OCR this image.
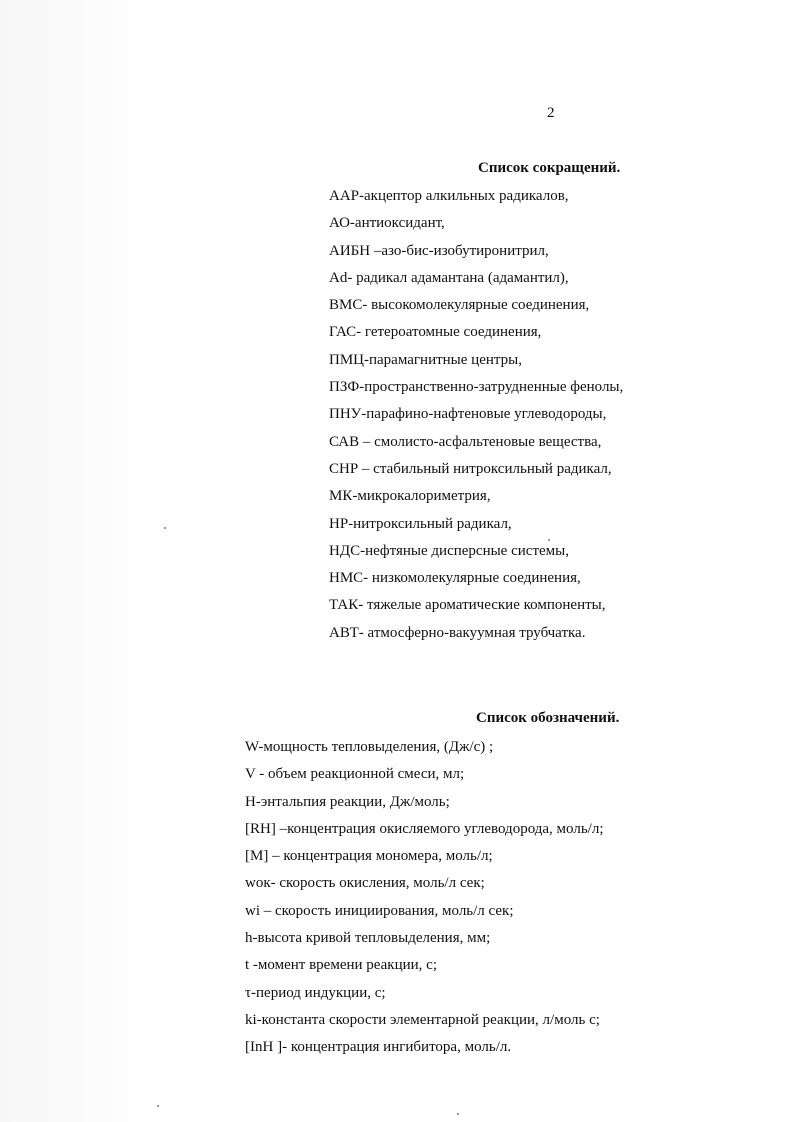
2
Список сокращений.
ААР-акцептор алкильных радикалов,
АО-антиоксидант,
АИБН –азо-бис-изобутиронитрил,
Ad- радикал адамантана (адамантил),
ВМС- высокомолекулярные соединения,
ГАС- гетероатомные соединения,
ПМЦ-парамагнитные центры,
ПЗФ-пространственно-затрудненные фенолы,
ПНУ-парафино-нафтеновые углеводороды,
САВ – смолисто-асфальтеновые вещества,
СНР – стабильный нитроксильный радикал,
МК-микрокалориметрия,
НР-нитроксильный радикал,
НДС-нефтяные дисперсные системы,
НМС- низкомолекулярные соединения,
ТАК- тяжелые ароматические компоненты,
АВТ- атмосферно-вакуумная трубчатка.
Список обозначений.
W-мощность тепловыделения, (Дж/с) ;
V - объем реакционной смеси, мл;
Н-энтальпия реакции, Дж/моль;
[RH] –концентрация окисляемого углеводорода, моль/л;
[M] – концентрация мономера, моль/л;
wок- скорость окисления, моль/л сек;
wi – скорость инициирования, моль/л сек;
h-высота кривой тепловыделения, мм;
t -момент времени реакции, с;
τ-период индукции, с;
ki-константа скорости элементарной реакции, л/моль с;
[InH ]- концентрация ингибитора, моль/л.
